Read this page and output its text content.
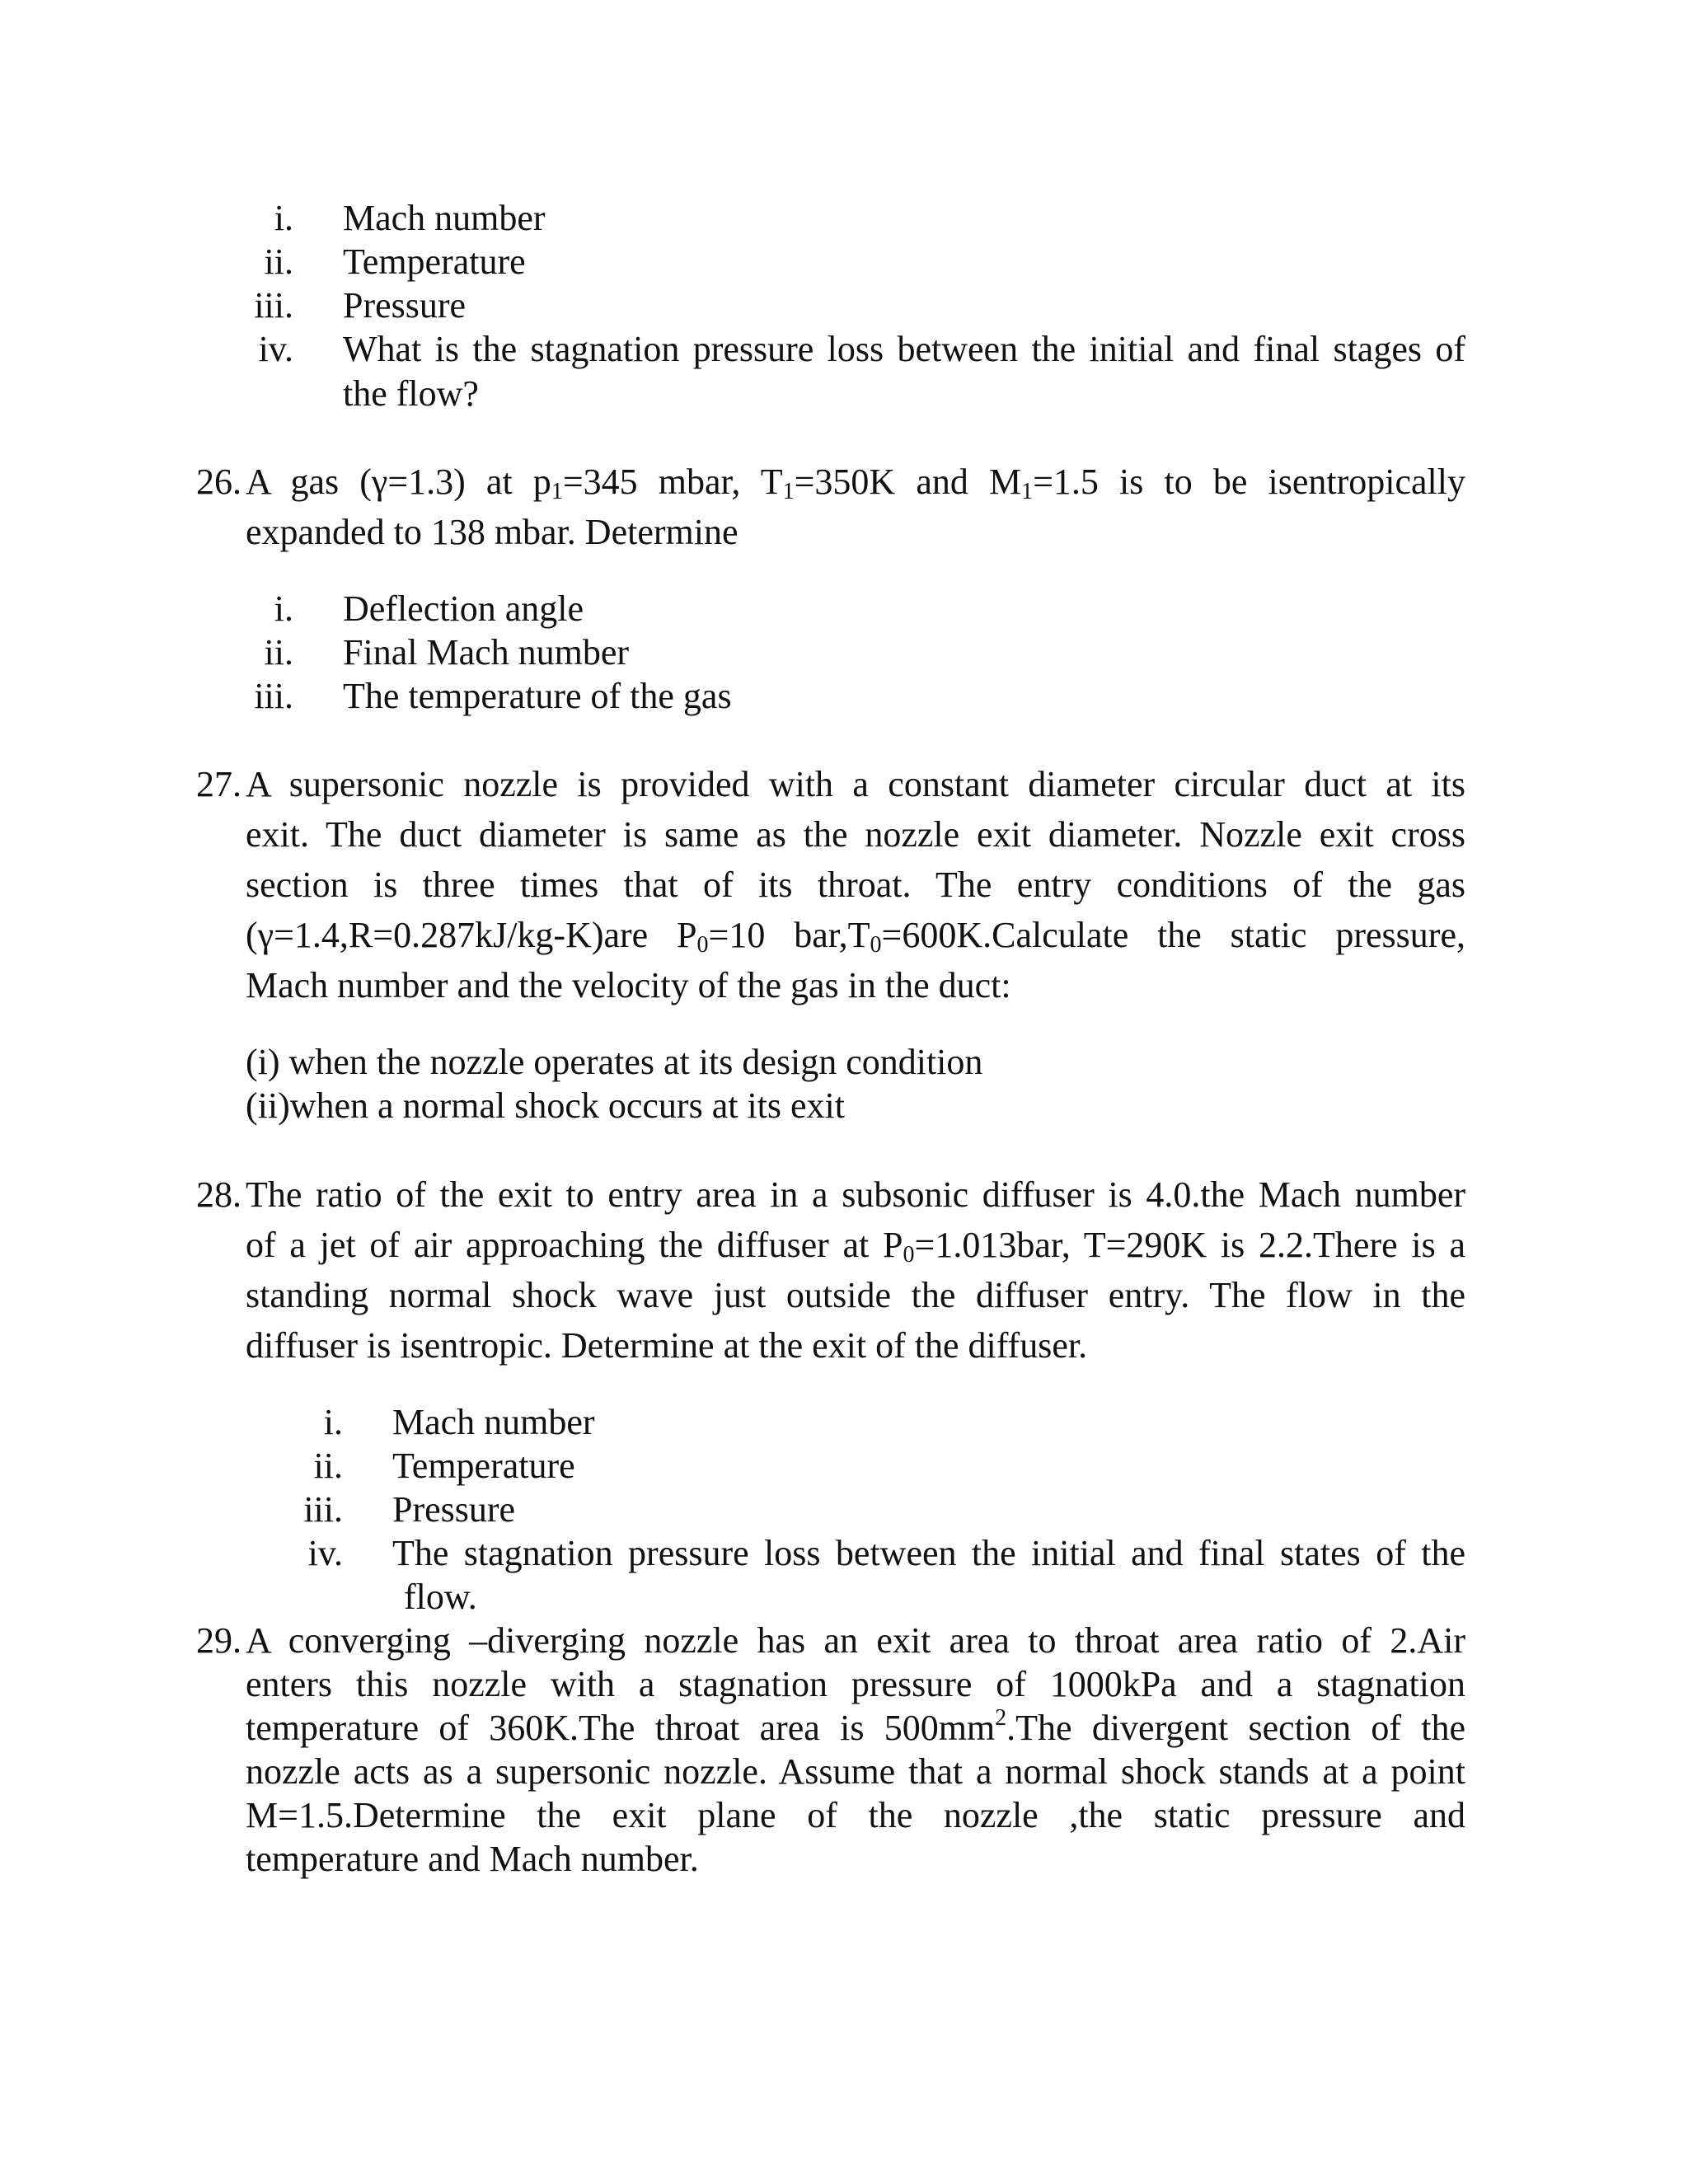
i. Mach number
ii. Temperature
iii. Pressure
iv. What is the stagnation pressure loss between the initial and final stages of
the flow?
26. A gas (γ=1.3) at $p_1=345$ mbar, $T_1=350K$ and $M_1=1.5$ is to be isentropically
expanded to 138 mbar. Determine
i. Deflection angle
ii. Final Mach number
iii. The temperature of the gas
27. A supersonic nozzle is provided with a constant diameter circular duct at its
exit. The duct diameter is same as the nozzle exit diameter. Nozzle exit cross
section is three times that of its throat. The entry conditions of the gas
(γ=1.4,R=0.287kJ/kg-K)are $P_0=10$ $bar,T_0=600K.Calculate$ the static pressure,
Mach number and the velocity of the gas in the duct:
(i) when the nozzle operates at its design condition
(ii)when a normal shock occurs at its exit
28. The ratio of the exit to entry area in a subsonic diffuser is 4.0.the Mach number
of a jet of air approaching the diffuser at $P_0=1.013bar$, T=290K is 2.2.There is a
standing normal shock wave just outside the diffuser entry. The flow in the
diffuser is isentropic. Determine at the exit of the diffuser.
i. Mach number
ii. Temperature
iii. Pressure
iv. The stagnation pressure loss between the initial and final states of the
flow.
29. A converging –diverging nozzle has an exit area to throat area ratio of 2.Air
enters this nozzle with a stagnation pressure of 1000kPa and a stagnation
temperature of 360K.The throat area is $500mm^2.The$ divergent section of the
nozzle acts as a supersonic nozzle. Assume that a normal shock stands at a point
M=1.5.Determine the exit plane of the nozzle ,the static pressure and
temperature and Mach number.
